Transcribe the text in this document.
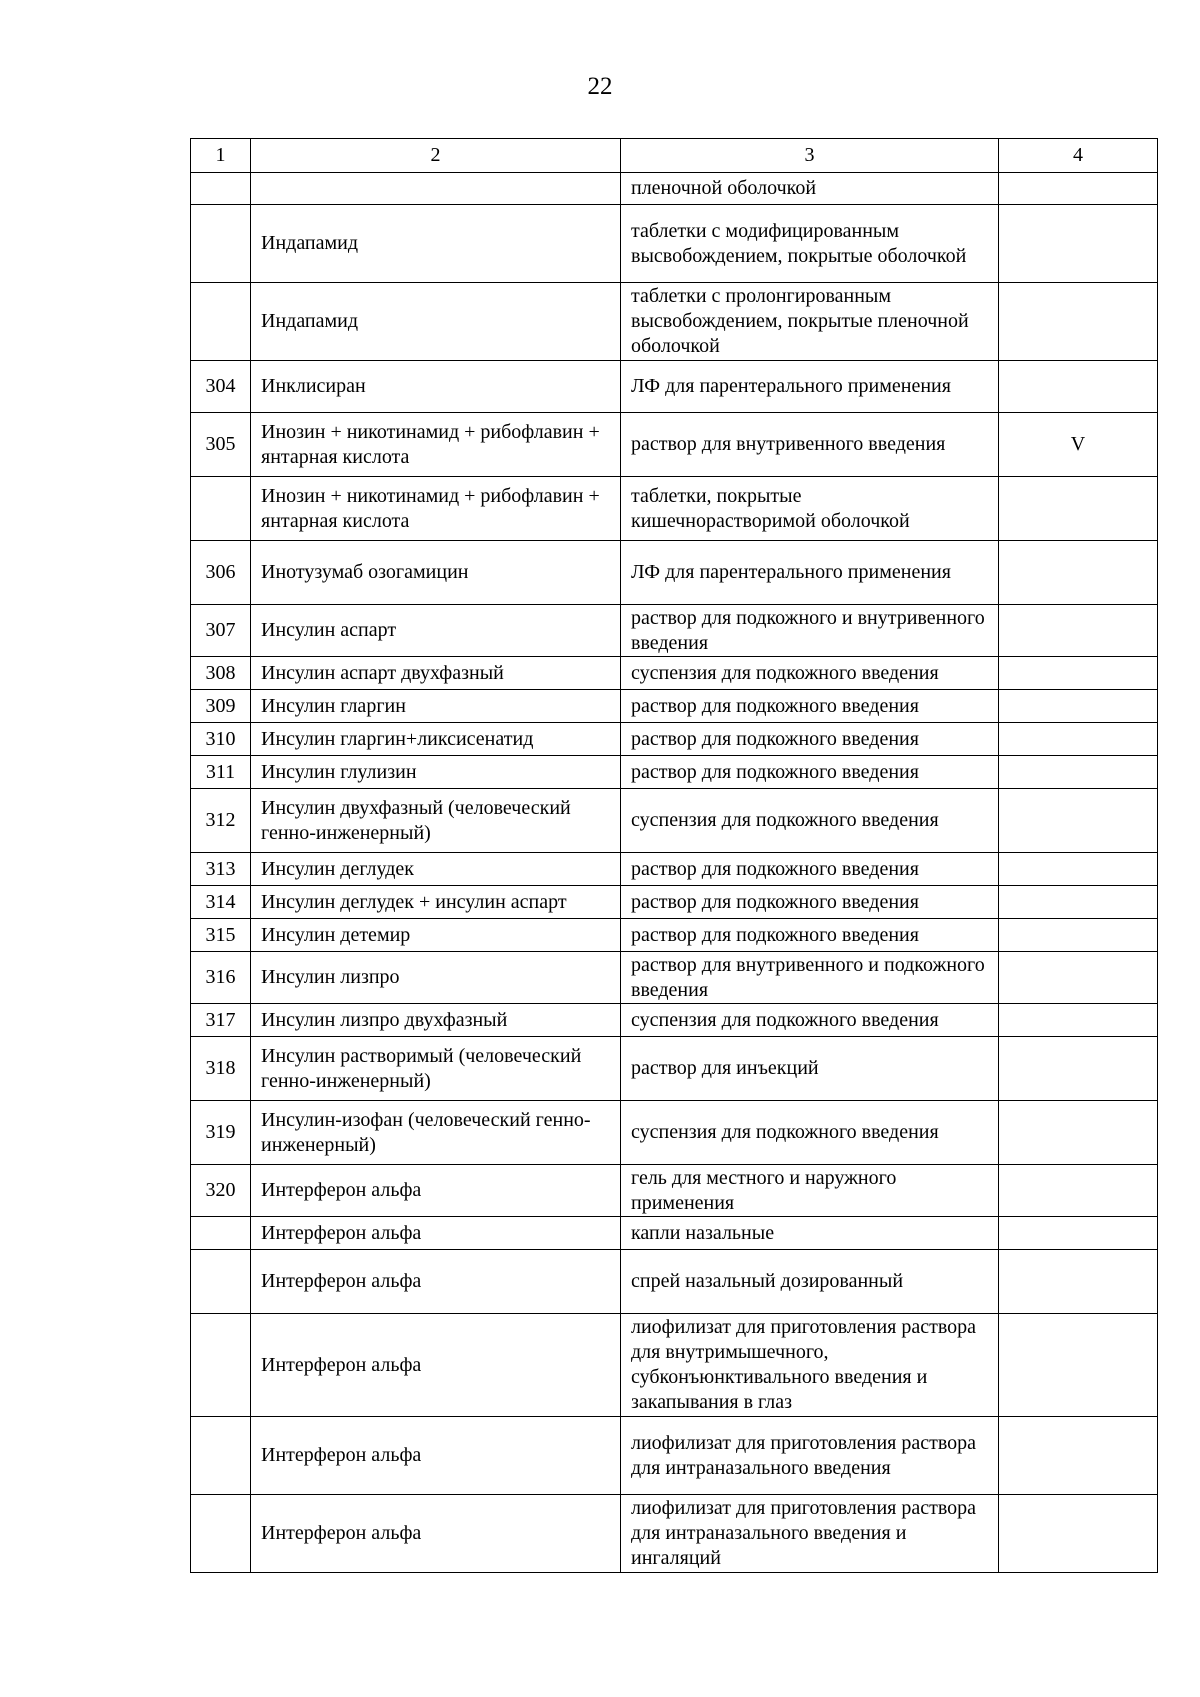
22
1	2	3	4
		пленочной оболочкой	
	Индапамид	таблетки с модифицированным высвобождением, покрытые оболочкой	
	Индапамид	таблетки с пролонгированным высвобождением, покрытые пленочной оболочкой	
304	Инклисиран	ЛФ для парентерального применения	
305	Инозин + никотинамид + рибофлавин + янтарная кислота	раствор для внутривенного введения	V
	Инозин + никотинамид + рибофлавин + янтарная кислота	таблетки, покрытые кишечнорастворимой оболочкой	
306	Инотузумаб озогамицин	ЛФ для парентерального применения	
307	Инсулин аспарт	раствор для подкожного и внутривенного введения	
308	Инсулин аспарт двухфазный	суспензия для подкожного введения	
309	Инсулин гларгин	раствор для подкожного введения	
310	Инсулин гларгин+ликсисенатид	раствор для подкожного введения	
311	Инсулин глулизин	раствор для подкожного введения	
312	Инсулин двухфазный (человеческий генно-инженерный)	суспензия для подкожного введения	
313	Инсулин деглудек	раствор для подкожного введения	
314	Инсулин деглудек + инсулин аспарт	раствор для подкожного введения	
315	Инсулин детемир	раствор для подкожного введения	
316	Инсулин лизпро	раствор для внутривенного и подкожного введения	
317	Инсулин лизпро двухфазный	суспензия для подкожного введения	
318	Инсулин растворимый (человеческий генно-инженерный)	раствор для инъекций	
319	Инсулин-изофан (человеческий генно-инженерный)	суспензия для подкожного введения	
320	Интерферон альфа	гель для местного и наружного применения	
	Интерферон альфа	капли назальные	
	Интерферон альфа	спрей назальный дозированный	
	Интерферон альфа	лиофилизат для приготовления раствора для внутримышечного, субконъюнктивального введения и закапывания в глаз	
	Интерферон альфа	лиофилизат для приготовления раствора для интраназального введения	
	Интерферон альфа	лиофилизат для приготовления раствора для интраназального введения и ингаляций	
